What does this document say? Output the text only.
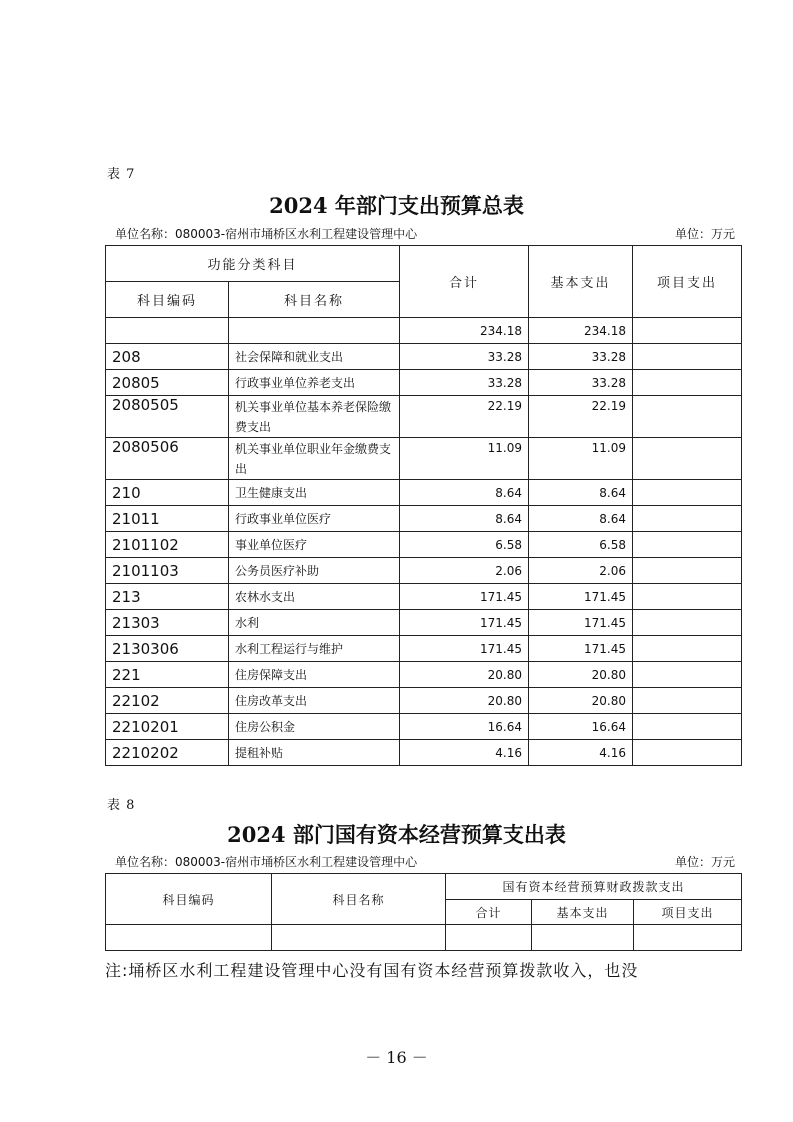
表 7
2024 年部门支出预算总表
单位名称：080003-宿州市埇桥区水利工程建设管理中心	单位：万元
功能分类科目		合计	基本支出	项目支出
科目编码	科目名称			
		234.18	234.18	
208	社会保障和就业支出	33.28	33.28	
20805	行政事业单位养老支出	33.28	33.28	
2080505	机关事业单位基本养老保险缴费支出	22.19	22.19	
2080506	机关事业单位职业年金缴费支出	11.09	11.09	
210	卫生健康支出	8.64	8.64	
21011	行政事业单位医疗	8.64	8.64	
2101102	事业单位医疗	6.58	6.58	
2101103	公务员医疗补助	2.06	2.06	
213	农林水支出	171.45	171.45	
21303	水利	171.45	171.45	
2130306	水利工程运行与维护	171.45	171.45	
221	住房保障支出	20.80	20.80	
22102	住房改革支出	20.80	20.80	
2210201	住房公积金	16.64	16.64	
2210202	提租补贴	4.16	4.16	
表 8
2024 部门国有资本经营预算支出表
单位名称：080003-宿州市埇桥区水利工程建设管理中心	单位：万元
科目编码	科目名称	国有资本经营预算财政拨款支出		
		合计	基本支出	项目支出

注:埇桥区水利工程建设管理中心没有国有资本经营预算拨款收入，也没
－ 16 －
